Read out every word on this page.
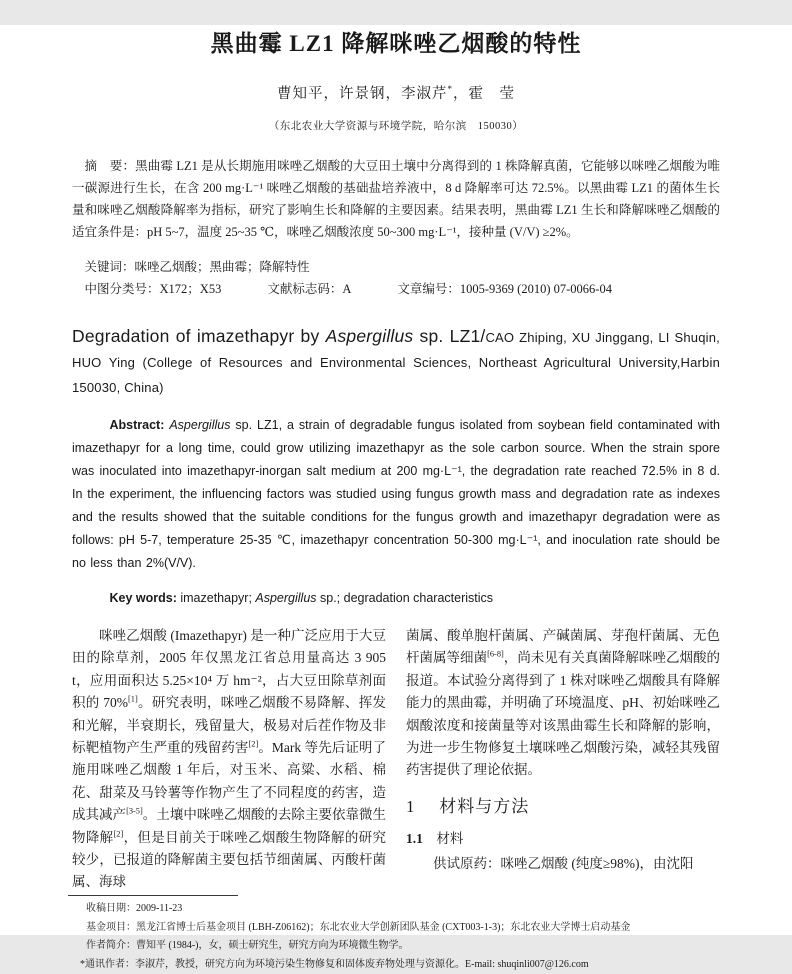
黑曲霉 LZ1 降解咪唑乙烟酸的特性
曹知平，许景钢，李淑芹*，霍　莹
（东北农业大学资源与环境学院，哈尔滨　150030）

摘　要：黑曲霉 LZ1 是从长期施用咪唑乙烟酸的大豆田土壤中分离得到的 1 株降解真菌，它能够以咪唑乙烟酸为唯一碳源进行生长，在含 200 mg·L⁻¹ 咪唑乙烟酸的基础盐培养液中，8 d 降解率可达 72.5%。以黑曲霉 LZ1 的菌体生长量和咪唑乙烟酸降解率为指标，研究了影响生长和降解的主要因素。结果表明，黑曲霉 LZ1 生长和降解咪唑乙烟酸的适宜条件是：pH 5~7，温度 25~35 ℃，咪唑乙烟酸浓度 50~300 mg·L⁻¹，接种量 (V/V) ≥2%。

关键词：咪唑乙烟酸；黑曲霉；降解特性
中图分类号：X172；X53	文献标志码：A	文章编号：1005-9369 (2010) 07-0066-04

Degradation of imazethapyr by Aspergillus sp. LZ1/CAO Zhiping, XU Jinggang, LI Shuqin, HUO Ying (College of Resources and Environmental Sciences, Northeast Agricultural University,Harbin 150030, China)

Abstract: Aspergillus sp. LZ1, a strain of degradable fungus isolated from soybean field contaminated with imazethapyr for a long time, could grow utilizing imazethapyr as the sole carbon source. When the strain spore was inoculated into imazethapyr-inorgan salt medium at 200 mg·L⁻¹, the degradation rate reached 72.5% in 8 d. In the experiment, the influencing factors was studied using fungus growth mass and degradation rate as indexes and the results showed that the suitable conditions for the fungus growth and imazethapyr degradation were as follows: pH 5-7, temperature 25-35 ℃, imazethapyr concentration 50-300 mg·L⁻¹, and inoculation rate should be no less than 2%(V/V).

Key words: imazethapyr; Aspergillus sp.; degradation characteristics

咪唑乙烟酸 (Imazethapyr) 是一种广泛应用于大豆田的除草剂，2005 年仅黑龙江省总用量高达 3 905 t，应用面积达 5.25×10⁴ 万 hm⁻²，占大豆田除草剂面积的 70%[1]。研究表明，咪唑乙烟酸不易降解、挥发和光解，半衰期长，残留量大，极易对后茬作物及非标靶植物产生严重的残留药害[2]。Mark 等先后证明了施用咪唑乙烟酸 1 年后，对玉米、高粱、水稻、棉花、甜菜及马铃薯等作物产生了不同程度的药害，造成其减产[3-5]。土壤中咪唑乙烟酸的去除主要依靠微生物降解[2]，但是目前关于咪唑乙烟酸生物降解的研究较少，已报道的降解菌主要包括节细菌属、丙酸杆菌属、海球

菌属、酸单胞杆菌属、产碱菌属、芽孢杆菌属、无色杆菌属等细菌[6-8]，尚未见有关真菌降解咪唑乙烟酸的报道。本试验分离得到了 1 株对咪唑乙烟酸具有降解能力的黑曲霉，并明确了环境温度、pH、初始咪唑乙烟酸浓度和接菌量等对该黑曲霉生长和降解的影响，为进一步生物修复土壤咪唑乙烟酸污染，减轻其残留药害提供了理论依据。

1 材料与方法
1.1 材料

供试原药：咪唑乙烟酸 (纯度≥98%)，由沈阳

收稿日期：2009-11-23
基金项目：黑龙江省博士后基金项目 (LBH-Z06162)；东北农业大学创新团队基金 (CXT003-1-3)；东北农业大学博士启动基金
作者简介：曹知平 (1984-)，女，硕士研究生，研究方向为环境微生物学。
*通讯作者：李淑芹，教授，研究方向为环境污染生物修复和固体废弃物处理与资源化。E-mail: shuqinli007@126.com
